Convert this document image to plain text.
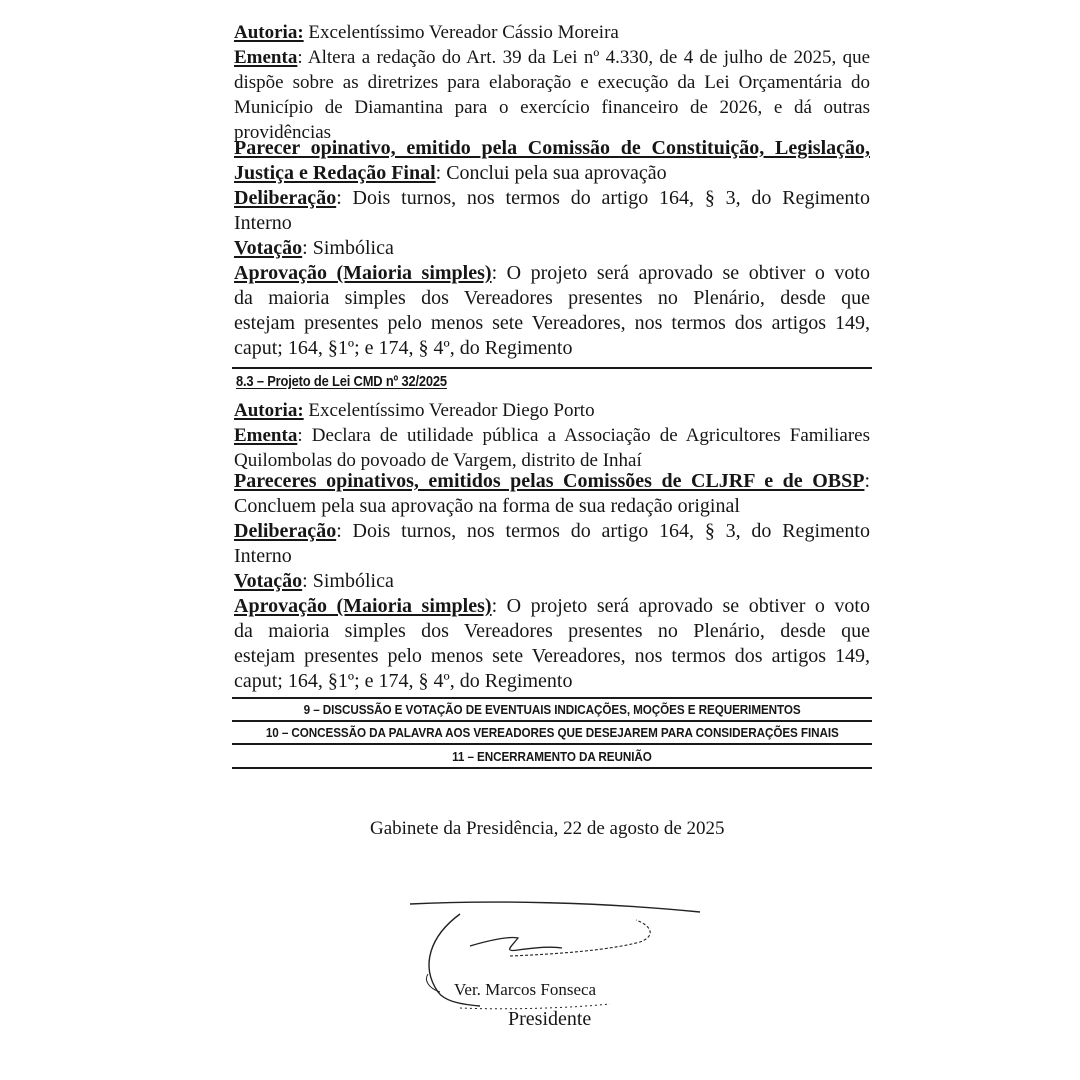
Autoria: Excelentíssimo Vereador Cássio Moreira
Ementa: Altera a redação do Art. 39 da Lei nº 4.330, de 4 de julho de 2025, que
dispõe sobre as diretrizes para elaboração e execução da Lei Orçamentária do
Município de Diamantina para o exercício financeiro de 2026, e dá outras
providências
Parecer opinativo, emitido pela Comissão de Constituição, Legislação,
Justiça e Redação Final: Conclui pela sua aprovação
Deliberação: Dois turnos, nos termos do artigo 164, § 3, do Regimento
Interno
Votação: Simbólica
Aprovação (Maioria simples): O projeto será aprovado se obtiver o voto
da maioria simples dos Vereadores presentes no Plenário, desde que
estejam presentes pelo menos sete Vereadores, nos termos dos artigos 149,
caput; 164, §1º; e 174, § 4º, do Regimento
8.3 – Projeto de Lei CMD nº 32/2025
Autoria: Excelentíssimo Vereador Diego Porto
Ementa: Declara de utilidade pública a Associação de Agricultores Familiares
Quilombolas do povoado de Vargem, distrito de Inhaí
Pareceres opinativos, emitidos pelas Comissões de CLJRF e de OBSP:
Concluem pela sua aprovação na forma de sua redação original
Deliberação: Dois turnos, nos termos do artigo 164, § 3, do Regimento
Interno
Votação: Simbólica
Aprovação (Maioria simples): O projeto será aprovado se obtiver o voto
da maioria simples dos Vereadores presentes no Plenário, desde que
estejam presentes pelo menos sete Vereadores, nos termos dos artigos 149,
caput; 164, §1º; e 174, § 4º, do Regimento
9 – DISCUSSÃO E VOTAÇÃO DE EVENTUAIS INDICAÇÕES, MOÇÕES E REQUERIMENTOS
10 – CONCESSÃO DA PALAVRA AOS VEREADORES QUE DESEJAREM PARA CONSIDERAÇÕES FINAIS
11 – ENCERRAMENTO DA REUNIÃO
Gabinete da Presidência, 22 de agosto de 2025
Ver. Marcos Fonseca
Presidente
